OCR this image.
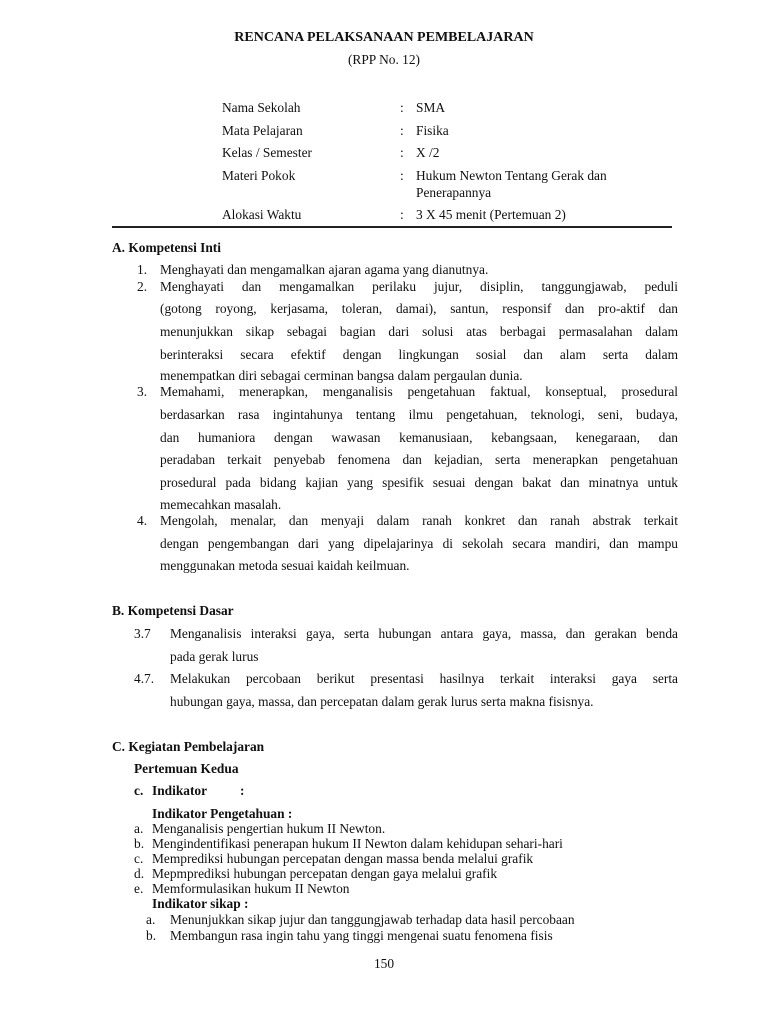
RENCANA PELAKSANAAN PEMBELAJARAN
(RPP No. 12)
Nama Sekolah	: SMA
Mata Pelajaran	: Fisika
Kelas / Semester	: X /2
Materi Pokok	: Hukum Newton Tentang Gerak dan
Penerapannya
Alokasi Waktu	: 3 X 45 menit (Pertemuan 2)
A. Kompetensi Inti
1. Menghayati dan mengamalkan ajaran agama yang dianutnya.
2. Menghayati dan mengamalkan perilaku jujur, disiplin, tanggungjawab, peduli
(gotong royong, kerjasama, toleran, damai), santun, responsif dan pro-aktif dan
menunjukkan sikap sebagai bagian dari solusi atas berbagai permasalahan dalam
berinteraksi secara efektif dengan lingkungan sosial dan alam serta dalam
menempatkan diri sebagai cerminan bangsa dalam pergaulan dunia.
3. Memahami, menerapkan, menganalisis pengetahuan faktual, konseptual, prosedural
berdasarkan rasa ingintahunya tentang ilmu pengetahuan, teknologi, seni, budaya,
dan humaniora dengan wawasan kemanusiaan, kebangsaan, kenegaraan, dan
peradaban terkait penyebab fenomena dan kejadian, serta menerapkan pengetahuan
prosedural pada bidang kajian yang spesifik sesuai dengan bakat dan minatnya untuk
memecahkan masalah.
4. Mengolah, menalar, dan menyaji dalam ranah konkret dan ranah abstrak terkait
dengan pengembangan dari yang dipelajarinya di sekolah secara mandiri, dan mampu
menggunakan metoda sesuai kaidah keilmuan.
B. Kompetensi Dasar
3.7 Menganalisis interaksi gaya, serta hubungan antara gaya, massa, dan gerakan benda
pada gerak lurus
4.7. Melakukan percobaan berikut presentasi hasilnya terkait interaksi gaya serta
hubungan gaya, massa, dan percepatan dalam gerak lurus serta makna fisisnya.
C. Kegiatan Pembelajaran
Pertemuan Kedua
c. Indikator :
Indikator Pengetahuan :
a. Menganalisis pengertian hukum II Newton.
b. Mengindentifikasi penerapan hukum II Newton dalam kehidupan sehari-hari
c. Memprediksi hubungan percepatan dengan massa benda melalui grafik
d. Mepmprediksi hubungan percepatan dengan gaya melalui grafik
e. Memformulasikan hukum II Newton
Indikator sikap :
a. Menunjukkan sikap jujur dan tanggungjawab terhadap data hasil percobaan
b. Membangun rasa ingin tahu yang tinggi mengenai suatu fenomena fisis
150
